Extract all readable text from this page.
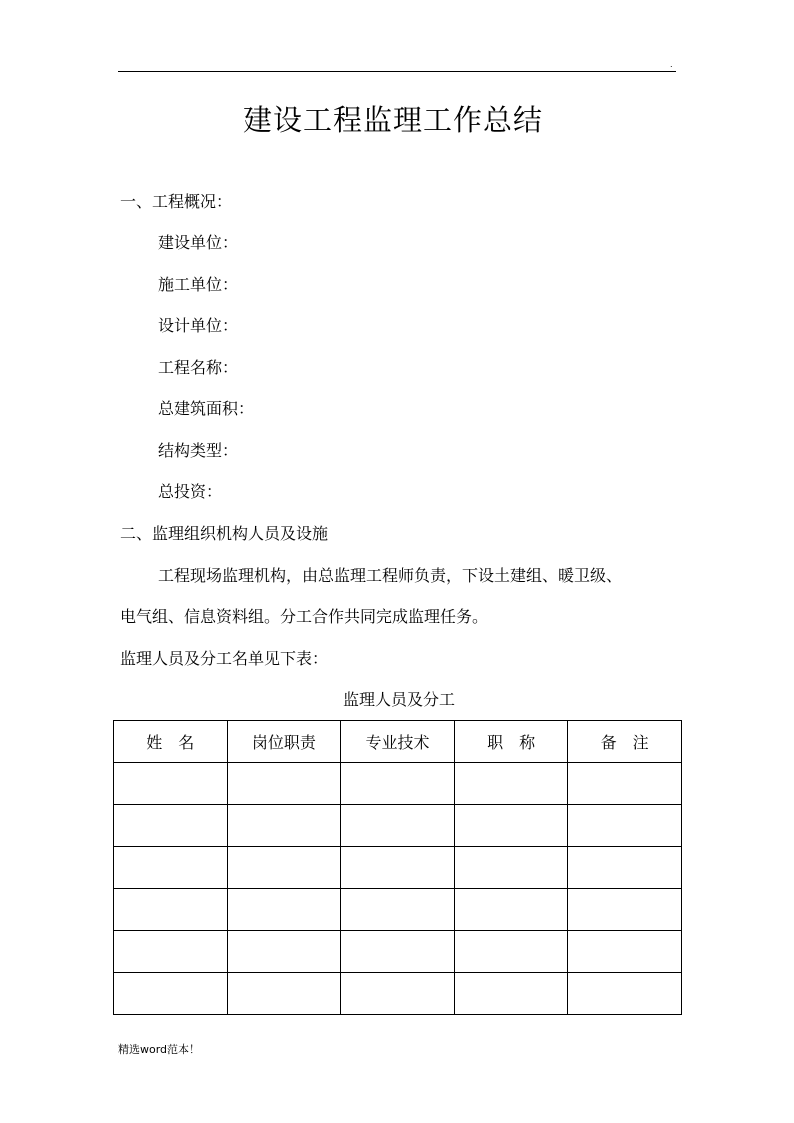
.
建设工程监理工作总结
一、工程概况：
建设单位：
施工单位：
设计单位：
工程名称：
总建筑面积：
结构类型：
总投资：
二、监理组织机构人员及设施
工程现场监理机构，由总监理工程师负责，下设土建组、暖卫级、
电气组、信息资料组。分工合作共同完成监理任务。
监理人员及分工名单见下表：
监理人员及分工
姓　名	岗位职责	专业技术	职　称	备　注

精选word范本！
